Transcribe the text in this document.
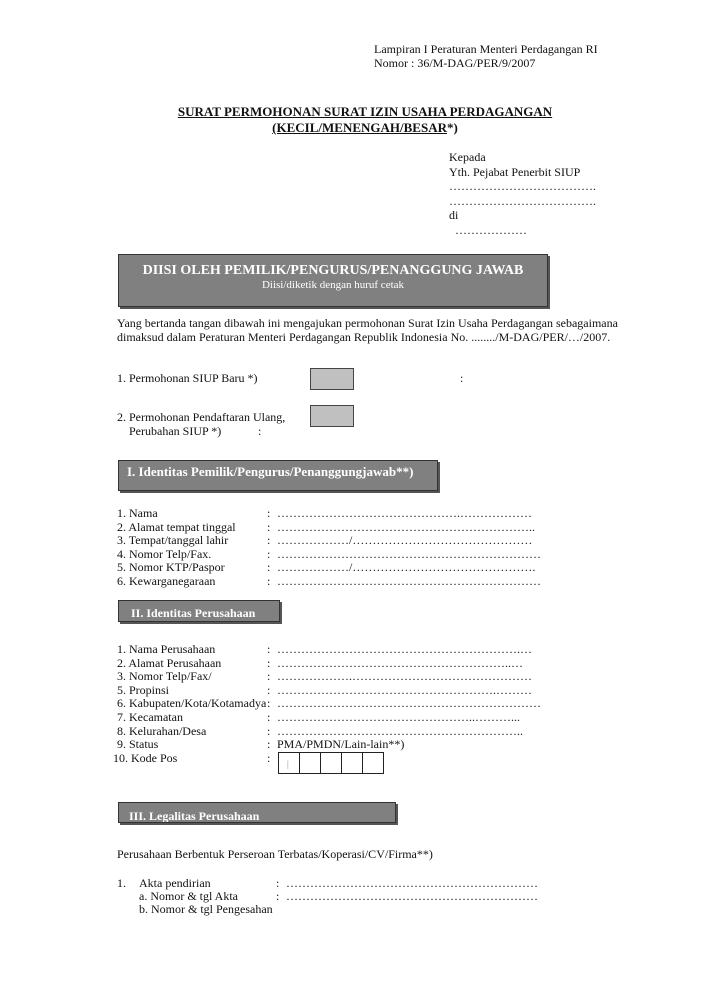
Lampiran I Peraturan Menteri Perdagangan RI
Nomor : 36/M-DAG/PER/9/2007
SURAT PERMOHONAN SURAT IZIN USAHA PERDAGANGAN
(KECIL/MENENGAH/BESAR*)
Kepada
Yth. Pejabat Penerbit SIUP
……………………………….
……………………………….
di
………………
DIISI OLEH PEMILIK/PENGURUS/PENANGGUNG JAWAB
Diisi/diketik dengan huruf cetak
Yang bertanda tangan dibawah ini mengajukan permohonan Surat Izin Usaha Perdagangan sebagaimana
dimaksud dalam Peraturan Menteri Perdagangan Republik Indonesia No. ......../M-DAG/PER/…/2007.
1. Permohonan SIUP Baru *)	:
2. Permohonan Pendaftaran Ulang,
Perubahan SIUP *)	:
I. Identitas Pemilik/Pengurus/Penanggungjawab**)
1. Nama	: ……………………………………….………………
2. Alamat tempat tinggal	: ………………………………………………………..
3. Tempat/tanggal lahir	: ………………/………………………………………
4. Nomor Telp/Fax.	: …………………………………………………………
5. Nomor KTP/Paspor	: ………………/……………………………………….
6. Kewarganegaraan	: …………………………………………………………
II. Identitas Perusahaan
1. Nama Perusahaan	: …………………………………………………….…
2. Alamat Perusahaan	: …………………………………………………..…
3. Nomor Telp/Fax/	: ……………….………………………………………
5. Propinsi	: ……………………………………………….………
6. Kabupaten/Kota/Kotamadya : …………………………………………………………
7. Kecamatan	: …………………………………………..………...
8. Kelurahan/Desa	: ……………………………………………………..
9. Status	: PMA/PMDN/Lain-lain**)
10. Kode Pos	:	|
III. Legalitas Perusahaan
Perusahaan Berbentuk Perseroan Terbatas/Koperasi/CV/Firma**)
1. Akta pendirian	: ………………………………………………………
a. Nomor & tgl Akta	: ………………………………………………………
b. Nomor & tgl Pengesahan
